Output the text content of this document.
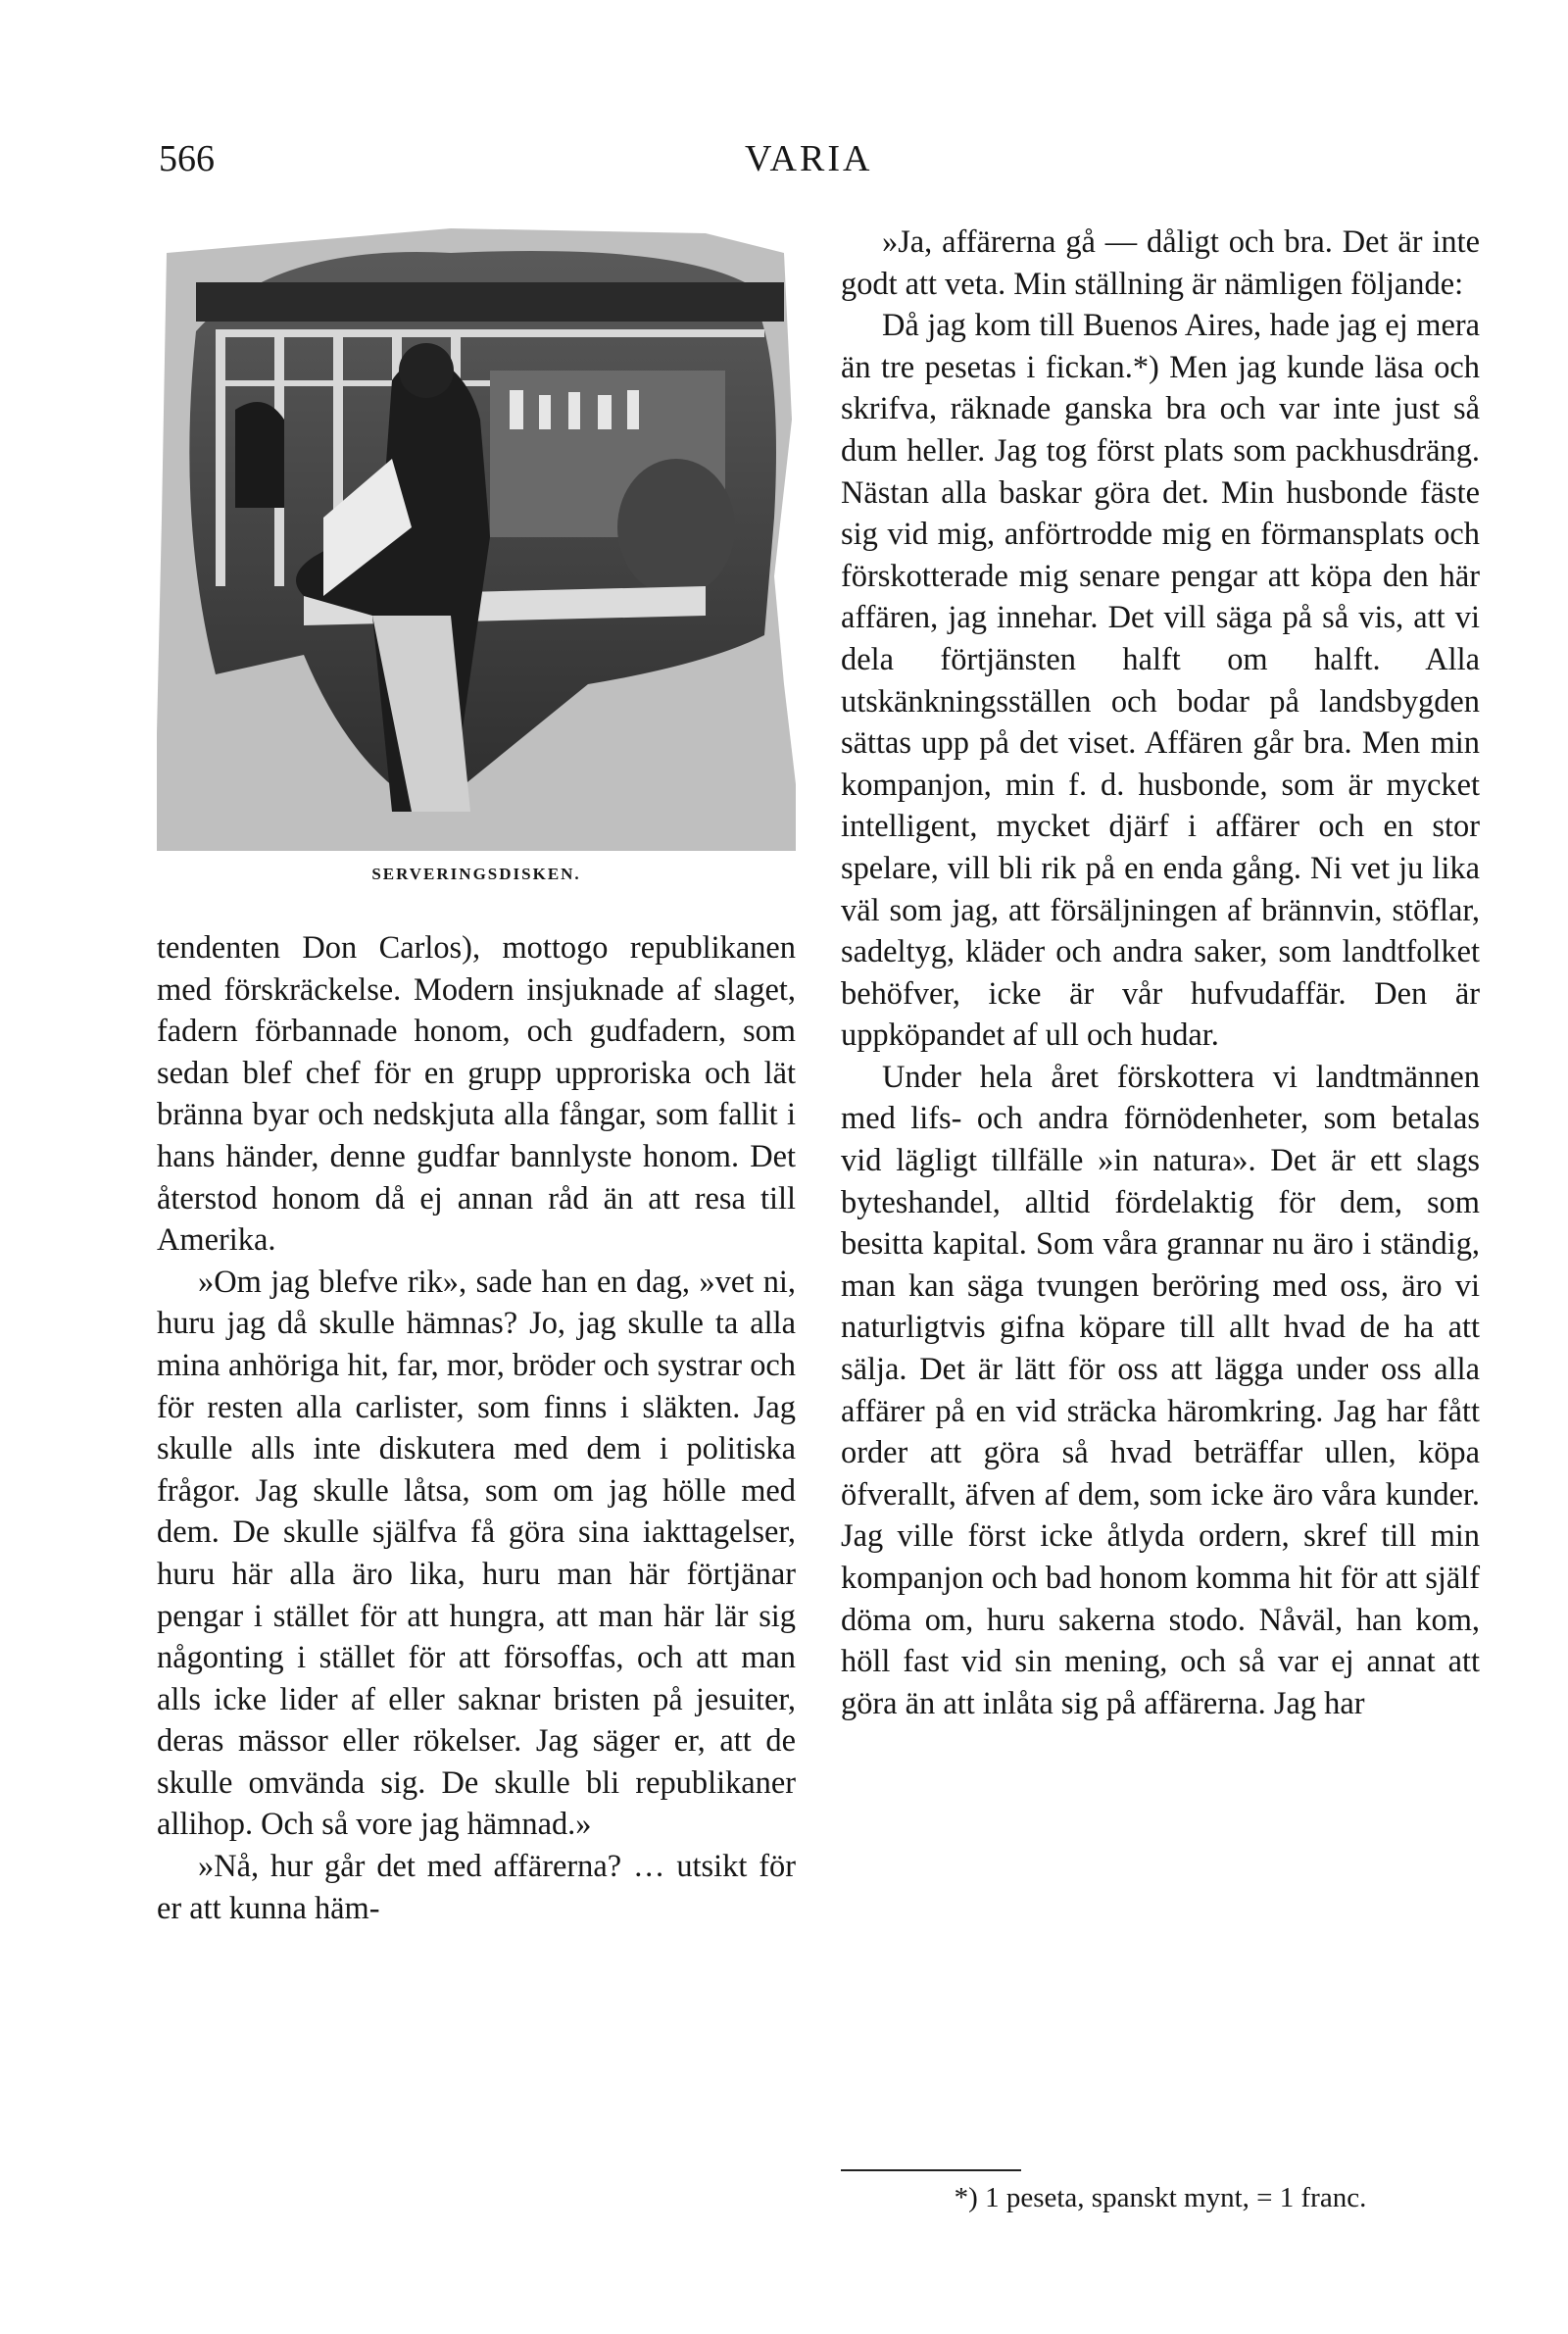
566	VARIA
SERVERINGSDISKEN.

tendenten Don Carlos), mottogo republikanen med förskräckelse. Modern insjuknade af slaget, fadern förbannade honom, och gudfadern, som sedan blef chef för en grupp upproriska och lät bränna byar och nedskjuta alla fångar, som fallit i hans händer, denne gudfar bannlyste honom. Det återstod honom då ej annan råd än att resa till Amerika.

»Om jag blefve rik», sade han en dag, »vet ni, huru jag då skulle hämnas? Jo, jag skulle ta alla mina anhöriga hit, far, mor, bröder och systrar och för resten alla carlister, som finns i släkten. Jag skulle alls inte diskutera med dem i politiska frågor. Jag skulle låtsa, som om jag hölle med dem. De skulle själfva få göra sina iakttagelser, huru här alla äro lika, huru man här förtjänar pengar i stället för att hungra, att man här lär sig någonting i stället för att försoffas, och att man alls icke lider af eller saknar bristen på jesuiter, deras mässor eller rökelser. Jag säger er, att de skulle omvända sig. De skulle bli republikaner allihop. Och så vore jag hämnad.»

»Nå, hur går det med affärerna? … utsikt för er att kunna häm-

»Ja, affärerna gå — dåligt och bra. Det är inte godt att veta. Min ställning är nämligen följande:

Då jag kom till Buenos Aires, hade jag ej mera än tre pesetas i fickan.*) Men jag kunde läsa och skrifva, räknade ganska bra och var inte just så dum heller. Jag tog först plats som packhusdräng. Nästan alla baskar göra det. Min husbonde fäste sig vid mig, anförtrodde mig en förmansplats och förskotterade mig senare pengar att köpa den här affären, jag innehar. Det vill säga på så vis, att vi dela förtjänsten halft om halft. Alla utskänkningsställen och bodar på landsbygden sättas upp på det viset. Affären går bra. Men min kompanjon, min f. d. husbonde, som är mycket intelligent, mycket djärf i affärer och en stor spelare, vill bli rik på en enda gång. Ni vet ju lika väl som jag, att försäljningen af brännvin, stöflar, sadeltyg, kläder och andra saker, som landtfolket behöfver, icke är vår hufvudaffär. Den är uppköpandet af ull och hudar.

Under hela året förskottera vi landtmännen med lifs- och andra förnödenheter, som betalas vid lägligt tillfälle »in natura». Det är ett slags byteshandel, alltid fördelaktig för dem, som besitta kapital. Som våra grannar nu äro i ständig, man kan säga tvungen beröring med oss, äro vi naturligtvis gifna köpare till allt hvad de ha att sälja. Det är lätt för oss att lägga under oss alla affärer på en vid sträcka häromkring. Jag har fått order att göra så hvad beträffar ullen, köpa öfverallt, äfven af dem, som icke äro våra kunder. Jag ville först icke åtlyda ordern, skref till min kompanjon och bad honom komma hit för att själf döma om, huru sakerna stodo. Nåväl, han kom, höll fast vid sin mening, och så var ej annat att göra än att inlåta sig på affärerna. Jag har

*) 1 peseta, spanskt mynt, = 1 franc.
